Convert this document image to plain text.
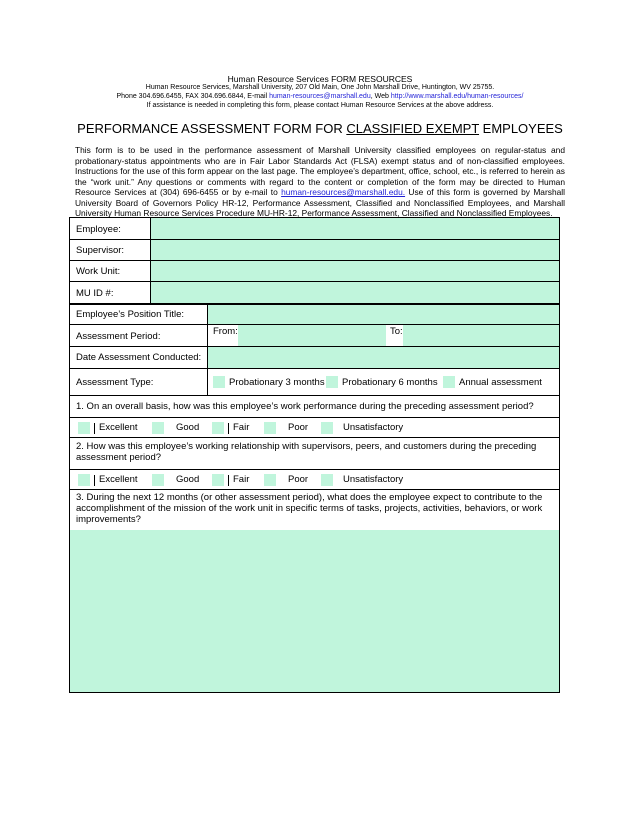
Human Resource Services FORM RESOURCES
Human Resource Services, Marshall University, 207 Old Main, One John Marshall Drive, Huntington, WV 25755.
Phone 304.696.6455, FAX 304.696.6844, E-mail human-resources@marshall.edu, Web http://www.marshall.edu/human-resources/
If assistance is needed in completing this form, please contact Human Resource Services at the above address.
PERFORMANCE ASSESSMENT FORM FOR CLASSIFIED EXEMPT EMPLOYEES
This form is to be used in the performance assessment of Marshall University classified employees on regular-status and probationary-status appointments who are in Fair Labor Standards Act (FLSA) exempt status and of non-classified employees. Instructions for the use of this form appear on the last page. The employee’s department, office, school, etc., is referred to herein as the “work unit.” Any questions or comments with regard to the content or completion of the form may be directed to Human Resource Services at (304) 696-6455 or by e-mail to human-resources@marshall.edu. Use of this form is governed by Marshall University Board of Governors Policy HR-12, Performance Assessment, Classified and Nonclassified Employees, and Marshall University Human Resource Services Procedure MU-HR-12, Performance Assessment, Classified and Nonclassified Employees.
Employee:
Supervisor:
Work Unit:
MU ID #:
Employee’s Position Title:
Assessment Period:	From:	To:
Date Assessment Conducted:
Assessment Type:	Probationary 3 months Probationary 6 months Annual assessment
1. On an overall basis, how was this employee’s work performance during the preceding assessment period?
Excellent	Good	Fair	Poor	Unsatisfactory
2. How was this employee’s working relationship with supervisors, peers, and customers during the preceding assessment period?
Excellent	Good	Fair	Poor	Unsatisfactory
3. During the next 12 months (or other assessment period), what does the employee expect to contribute to the accomplishment of the mission of the work unit in specific terms of tasks, projects, activities, behaviors, or work improvements?
